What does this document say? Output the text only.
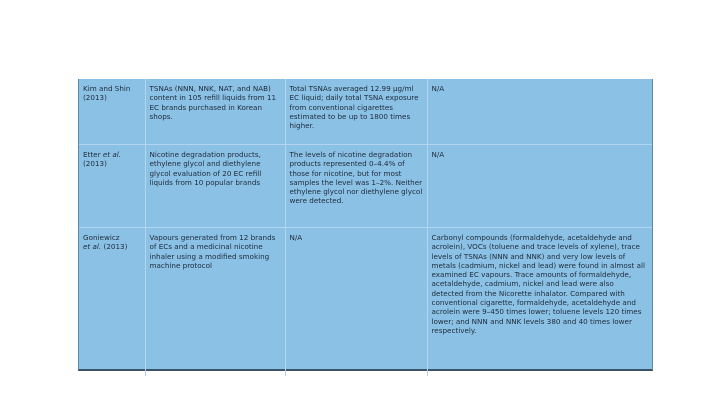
Kim and Shin
(2013)	TSNAs (NNN, NNK, NAT, and NAB) content in 105 refill liquids from 11 EC brands purchased in Korean shops.	Total TSNAs averaged 12.99 μg/ml EC liquid; daily total TSNA exposure from conventional cigarettes estimated to be up to 1800 times higher.	N/A
Etter et al.
(2013)	Nicotine degradation products, ethylene glycol and diethylene glycol evaluation of 20 EC refill liquids from 10 popular brands	The levels of nicotine degradation products represented 0–4.4% of those for nicotine, but for most samples the level was 1–2%. Neither ethylene glycol nor diethylene glycol were detected.	N/A
Goniewicz
et al. (2013)	Vapours generated from 12 brands of ECs and a medicinal nicotine inhaler using a modified smoking machine protocol	N/A	Carbonyl compounds (formaldehyde, acetaldehyde and acrolein), VOCs (toluene and trace levels of xylene), trace levels of TSNAs (NNN and NNK) and very low levels of metals (cadmium, nickel and lead) were found in almost all examined EC vapours. Trace amounts of formaldehyde, acetaldehyde, cadmium, nickel and lead were also detected from the Nicorette inhalator. Compared with conventional cigarette, formaldehyde, acetaldehyde and acrolein were 9–450 times lower; toluene levels 120 times lower; and NNN and NNK levels 380 and 40 times lower respectively.
